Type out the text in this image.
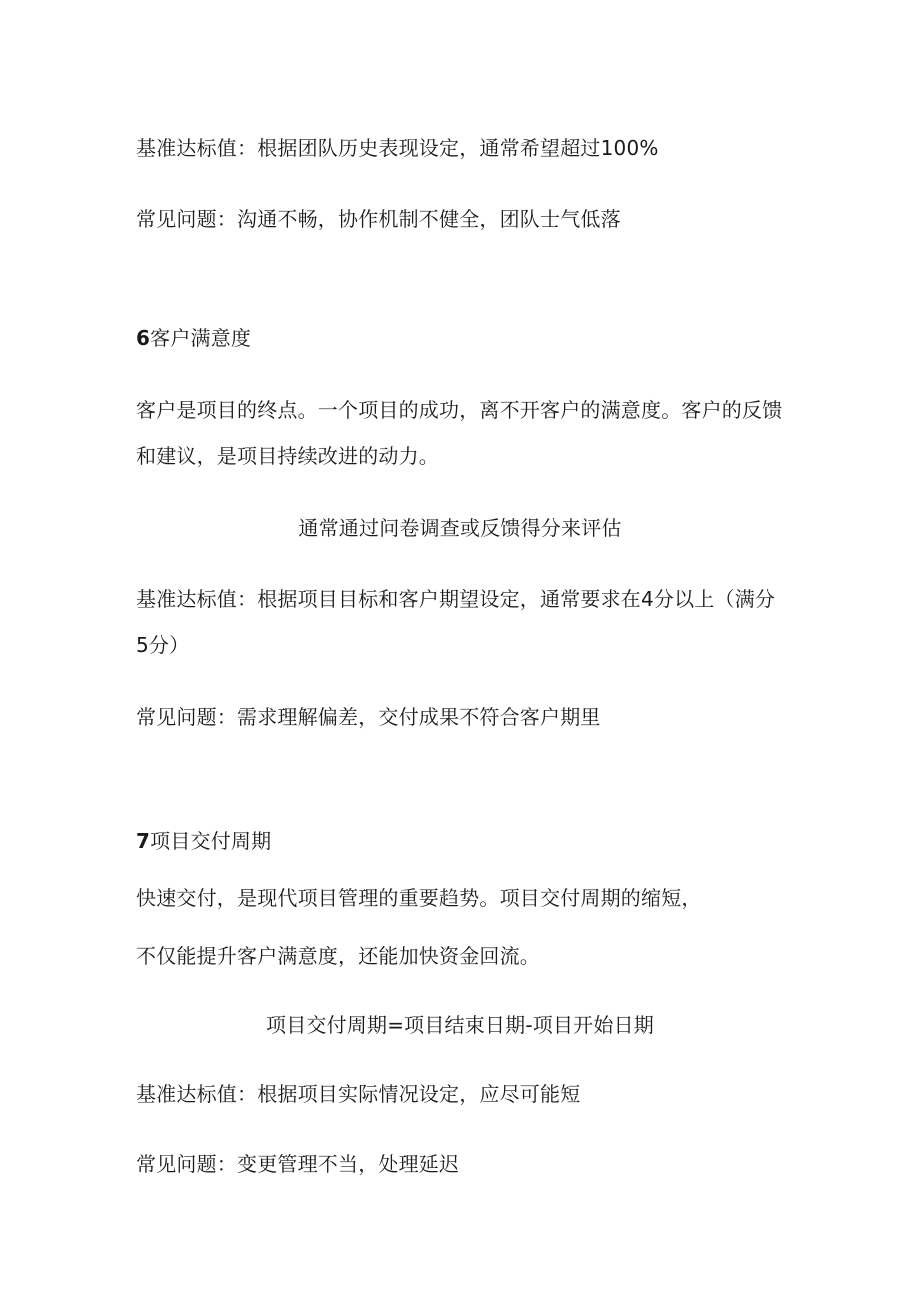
基准达标值：根据团队历史表现设定，通常希望超过100%
常见问题：沟通不畅，协作机制不健全，团队士气低落
6客户满意度
客户是项目的终点。一个项目的成功，离不开客户的满意度。客户的反馈
和建议，是项目持续改进的动力。
通常通过问卷调查或反馈得分来评估
基准达标值：根据项目目标和客户期望设定，通常要求在4分以上（满分
5分）
常见问题：需求理解偏差，交付成果不符合客户期里
7项目交付周期
快速交付，是现代项目管理的重要趋势。项目交付周期的缩短，
不仅能提升客户满意度，还能加快资金回流。
项目交付周期=项目结束日期-项目开始日期
基准达标值：根据项目实际情况设定，应尽可能短
常见问题：变更管理不当，处理延迟
